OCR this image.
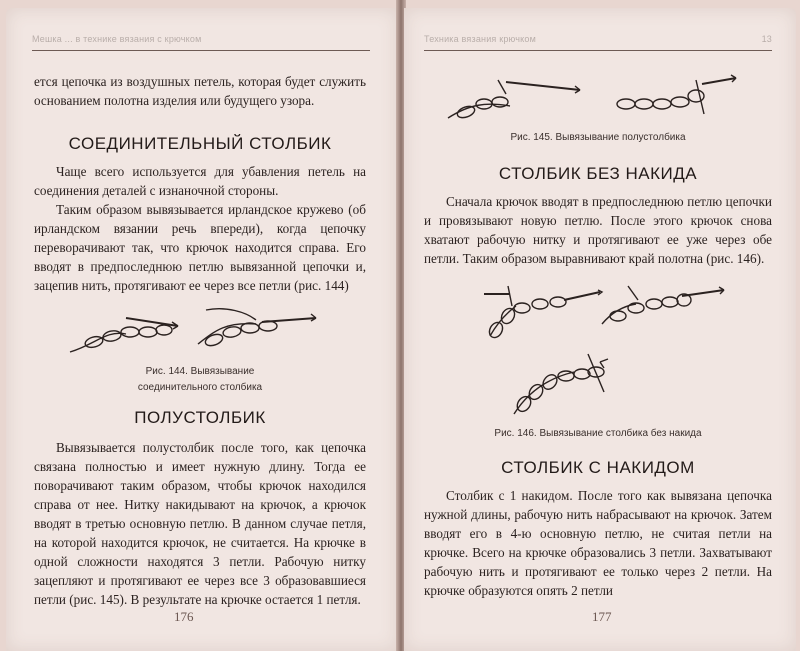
Мешка ... в технике вязания с крючком

ется цепочка из воздушных петель, которая будет служить основанием полотна изделия или будущего узора.

СОЕДИНИТЕЛЬНЫЙ СТОЛБИК

Чаще всего используется для убавления петель на соединения деталей с изнаночной стороны.

Таким образом вывязывается ирландское кружево (об ирландском вязании речь впереди), когда цепочку переворачивают так, что крючок находится справа. Его вводят в предпоследнюю петлю вывязанной цепочки и, зацепив нить, протягивают ее через все петли (рис. 144)

Рис. 144. Вывязывание
соединительного столбика
ПОЛУСТОЛБИК

Вывязывается полустолбик после того, как цепочка связана полностью и имеет нужную длину. Тогда ее поворачивают таким образом, чтобы крючок находился справа от нее. Нитку накидывают на крючок, а крючок вводят в третью основную петлю. В данном случае петля, на которой находится крючок, не считается. На крючке в одной сложности находятся 3 петли. Рабочую нитку зацепляют и протягивают ее через все 3 образовавшиеся петли (рис. 145). В результате на крючке остается 1 петля.

176
Техника вязания крючком	13
Рис. 145. Вывязывание полустолбика
СТОЛБИК БЕЗ НАКИДА

Сначала крючок вводят в предпоследнюю петлю цепочки и провязывают новую петлю. После этого крючок снова хватают рабочую нитку и протягивают ее уже через обе петли. Таким образом выравнивают край полотна (рис. 146).

Рис. 146. Вывязывание столбика без накида
СТОЛБИК С НАКИДОМ

Столбик с 1 накидом. После того как вывязана цепочка нужной длины, рабочую нить набрасывают на крючок. Затем вводят его в 4-ю основную петлю, не считая петли на крючке. Всего на крючке образовались 3 петли. Захватывают рабочую нить и протягивают ее только через 2 петли. На крючке образуются опять 2 петли

177
